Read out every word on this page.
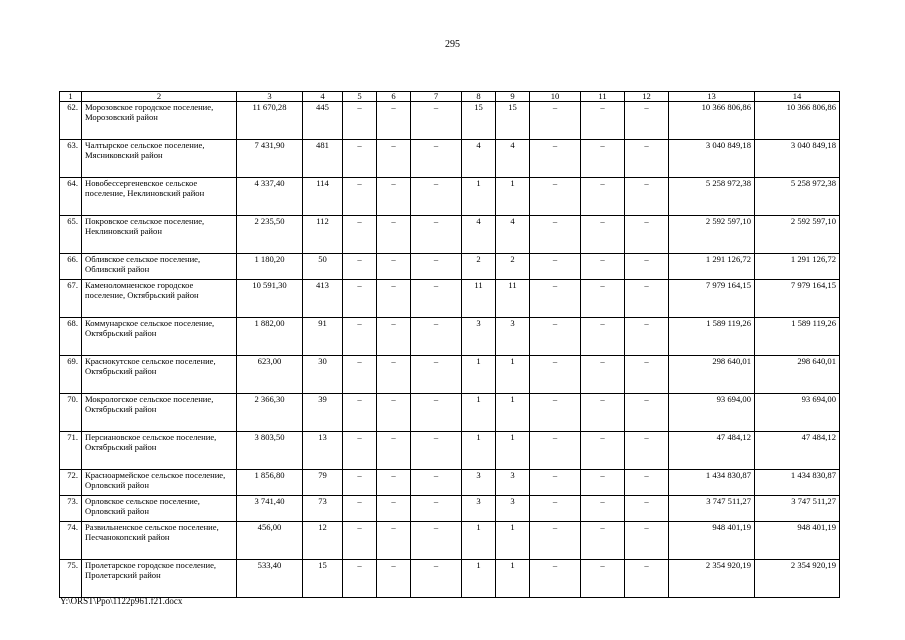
295
1	2	3	4	5	6	7	8	9	10	11	12	13	14
62.	Морозовское городское поселение, Морозовский район	11 670,28	445	–	–	–	15	15	–	–	–	10 366 806,86	10 366 806,86
63.	Чалтырское сельское поселение, Мясниковский район	7 431,90	481	–	–	–	4	4	–	–	–	3 040 849,18	3 040 849,18
64.	Новобессергеневское сельское поселение, Неклиновский район	4 337,40	114	–	–	–	1	1	–	–	–	5 258 972,38	5 258 972,38
65.	Покровское сельское поселение, Неклиновский район	2 235,50	112	–	–	–	4	4	–	–	–	2 592 597,10	2 592 597,10
66.	Обливское сельское поселение, Обливский район	1 180,20	50	–	–	–	2	2	–	–	–	1 291 126,72	1 291 126,72
67.	Каменоломненское городское поселение, Октябрьский район	10 591,30	413	–	–	–	11	11	–	–	–	7 979 164,15	7 979 164,15
68.	Коммунарское сельское поселение, Октябрьский район	1 882,00	91	–	–	–	3	3	–	–	–	1 589 119,26	1 589 119,26
69.	Краснокутское сельское поселение, Октябрьский район	623,00	30	–	–	–	1	1	–	–	–	298 640,01	298 640,01
70.	Мокрологское сельское поселение, Октябрьский район	2 366,30	39	–	–	–	1	1	–	–	–	93 694,00	93 694,00
71.	Персиановское сельское поселение, Октябрьский район	3 803,50	13	–	–	–	1	1	–	–	–	47 484,12	47 484,12
72.	Красноармейское сельское поселение, Орловский район	1 856,80	79	–	–	–	3	3	–	–	–	1 434 830,87	1 434 830,87
73.	Орловское сельское поселение, Орловский район	3 741,40	73	–	–	–	3	3	–	–	–	3 747 511,27	3 747 511,27
74.	Развильненское сельское поселение, Песчанокопский район	456,00	12	–	–	–	1	1	–	–	–	948 401,19	948 401,19
75.	Пролетарское городское поселение, Пролетарский район	533,40	15	–	–	–	1	1	–	–	–	2 354 920,19	2 354 920,19
Y:\ORST\Ppo\1122p961.f21.docx
